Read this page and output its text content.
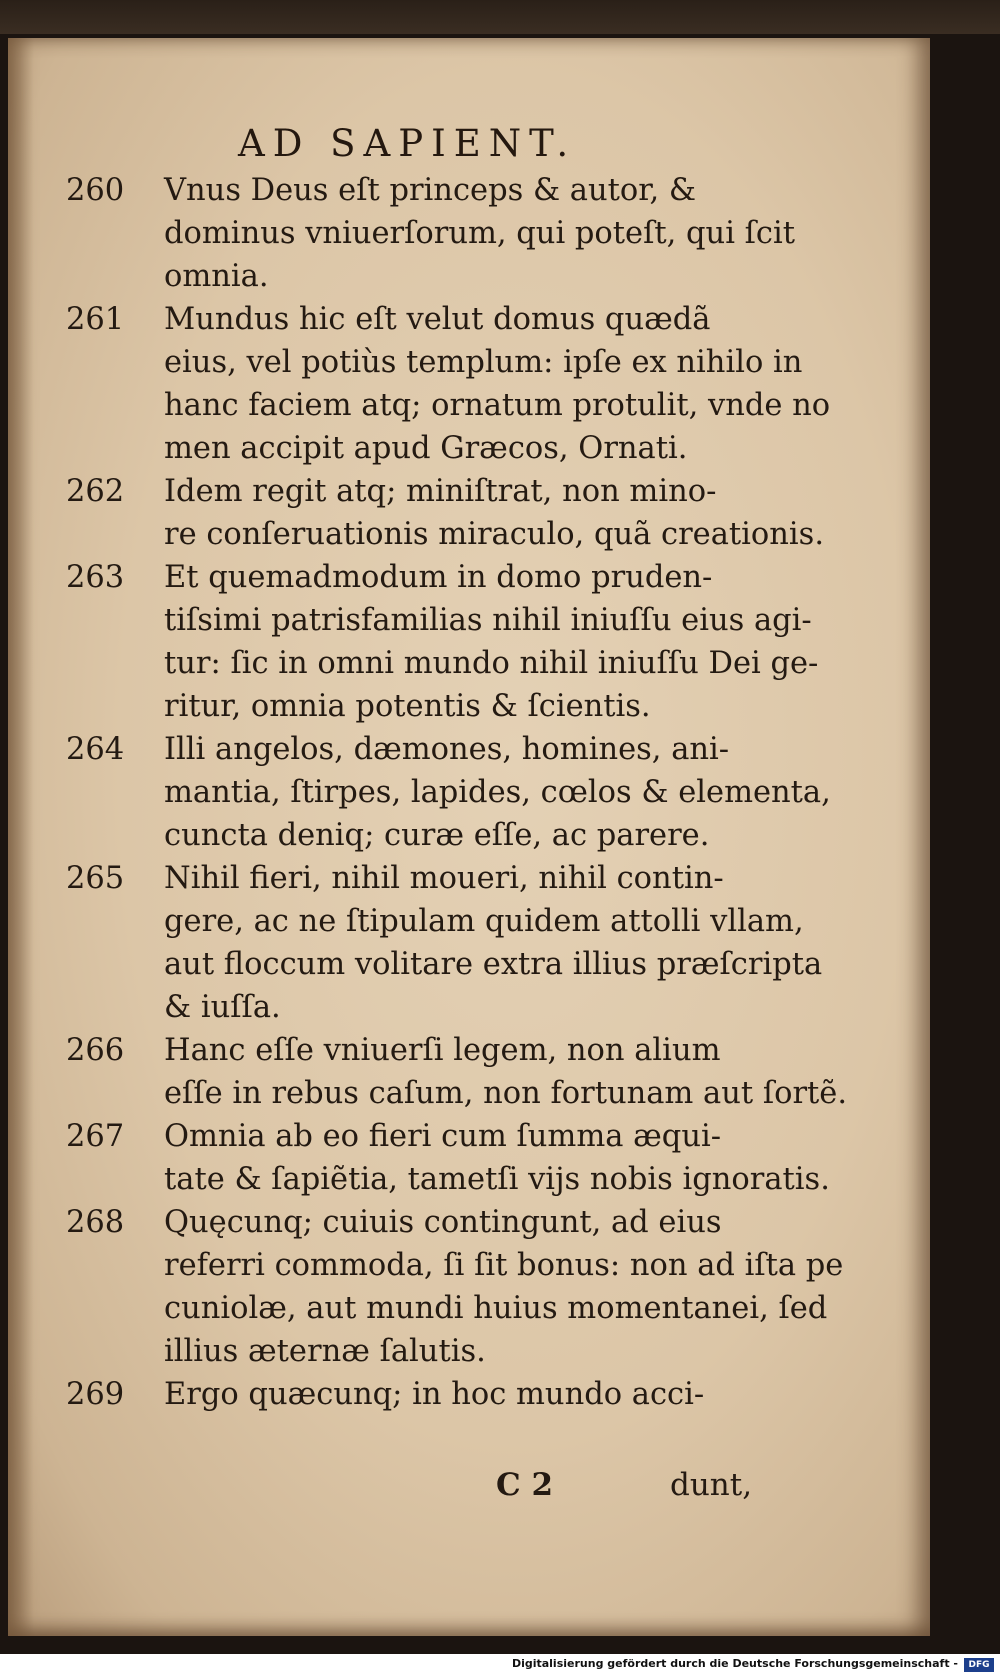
AD SAPIENT.
260	Vnus Deus eſt princeps & autor, &
dominus vniuerſorum, qui poteſt, qui ſcit
omnia.
261	Mundus hic eſt velut domus quædã
eius, vel potiùs templum: ipſe ex nihilo in
hanc faciem atq; ornatum protulit, vnde no
men accipit apud Græcos, Ornati.
262	Idem regit atq; miniſtrat, non mino-
re conſeruationis miraculo, quã creationis.
263	Et quemadmodum in domo pruden-
tiſsimi patrisfamilias nihil iniuſſu eius agi-
tur: ſic in omni mundo nihil iniuſſu Dei ge-
ritur, omnia potentis & ſcientis.
264	Illi angelos, dæmones, homines, ani-
mantia, ſtirpes, lapides, cœlos & elementa,
cuncta deniq; curæ eſſe, ac parere.
265	Nihil fieri, nihil moueri, nihil contin-
gere, ac ne ſtipulam quidem attolli vllam,
aut floccum volitare extra illius præſcripta
& iuſſa.
266	Hanc eſſe vniuerſi legem, non alium
eſſe in rebus caſum, non fortunam aut ſortẽ.
267	Omnia ab eo fieri cum ſumma æqui-
tate & ſapiẽtia, tametſi vijs nobis ignoratis.
268	Quęcunq; cuiuis contingunt, ad eius
referri commoda, ſi ſit bonus: non ad iſta pe
cuniolæ, aut mundi huius momentanei, ſed
illius æternæ ſalutis.
269	Ergo quæcunq; in hoc mundo acci-
C 2	dunt,
Digitalisierung gefördert durch die Deutsche Forschungsgemeinschaft -	DFG
